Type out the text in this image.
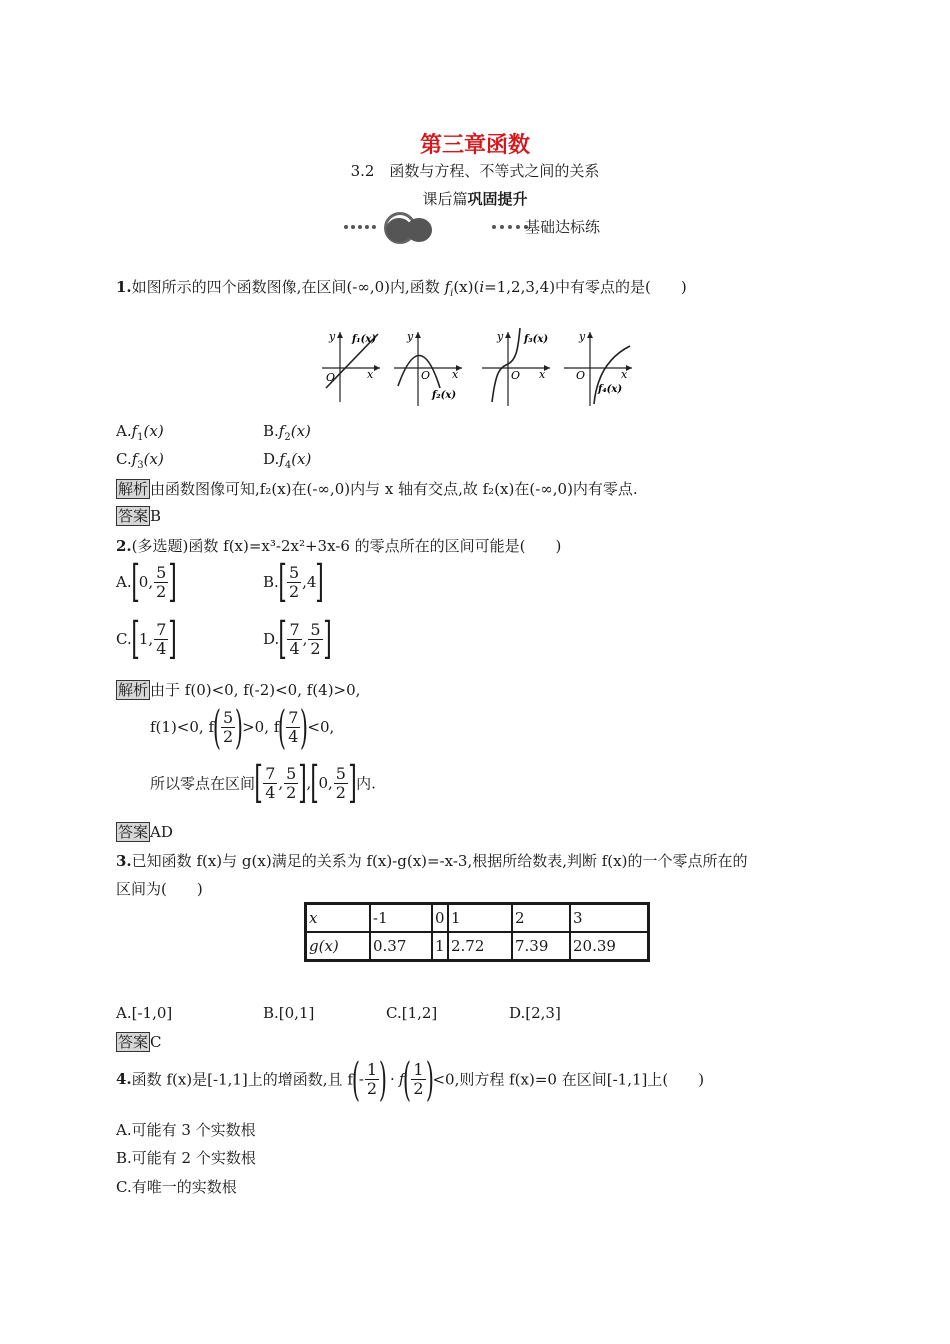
第三章函数
3.2　函数与方程、不等式之间的关系
课后篇巩固提升
基础达标练
1.如图所示的四个函数图像,在区间(-∞,0)内,函数 $f_i(x)(i=1,2,3,4)$中有零点的是(　　)
y
x
O
f₁(x)	y
x
O
f₂(x)
y
x
O
f₃(x)	y
x
O
f₄(x)
$A.f_1(x)$	$B.f_2(x)$
$C.f_3(x)$	$D.f_4(x)$
解析 由函数图像可知,f₂(x)在(-∞,0)内与 x 轴有交点,故 f₂(x)在(-∞,0)内有零点.
答案 B
2.(多选题)函数 f(x)=x³-2x²+3x-6 的零点所在的区间可能是(　　)
A.[0, $\frac{5}{2}$ ]	$B.[ \frac{5}{2} ,4]$
C.[1, $\frac{7}{4}$ ]	$D.[ \frac{7}{4}$ , $\frac{5}{2}$ ]
解析 由于 f(0)<0, f(-2)<0, f(4)>0,
f(1)<0, $f( \frac{5}{2} )>0$, $f( \frac{7}{4} )<0$,
所以零点在区间[ $\frac{7}{4}$ , $\frac{5}{2} ],[0$, $\frac{5}{2}$ ]内.
答案 AD
3.已知函数 f(x)与 g(x)满足的关系为 f(x)-g(x)=-x-3,根据所给数表,判断 f(x)的一个零点所在的
区间为(　　)
x	-1	0	1	2	3
g(x)	0.37	1	2.72	7.39	20.39
A.[-1,0]	B.[0,1]	C.[1,2]	D.[2,3]
答案 C
4.函数 f(x)是[-1,1]上的增函数,且 $f(- \frac{1}{2}$ ) · $f( \frac{1}{2} )<0$,则方程 f(x)=0 在区间[-1,1]上(　　)
A.可能有 3 个实数根
B.可能有 2 个实数根
C.有唯一的实数根
